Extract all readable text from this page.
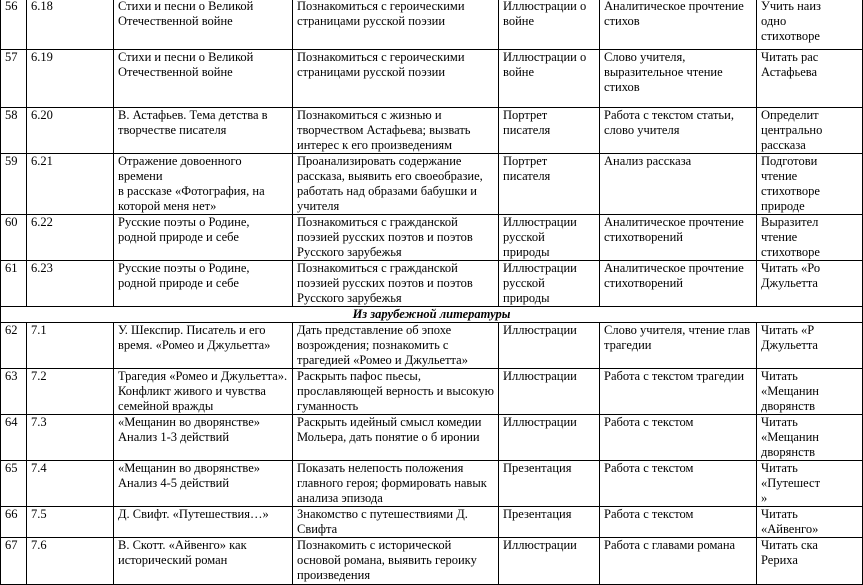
56	6.18	Стихи и песни о Великой
Отечественной войне	Познакомиться с героическими
страницами русской поэзии	Иллюстрации о
войне	Аналитическое прочтение
стихов	Учить наиз
одно
стихотворе
57	6.19	Стихи и песни о Великой
Отечественной войне	Познакомиться с героическими
страницами русской поэзии	Иллюстрации о
войне	Слово учителя,
выразительное чтение
стихов	Читать рас
Астафьева
58	6.20	В. Астафьев. Тема детства в
творчестве писателя	Познакомиться с жизнью и
творчеством Астафьева; вызвать
интерес к его произведениям	Портрет
писателя	Работа с текстом статьи,
слово учителя	Определит
центрально
рассказа
59	6.21	Отражение довоенного времени
в рассказе «Фотография, на
которой меня нет»	Проанализировать содержание
рассказа, выявить его своеобразие,
работать над образами бабушки и
учителя	Портрет
писателя	Анализ рассказа	Подготови
чтение
стихотворе
природе
60	6.22	Русские поэты о Родине,
родной природе и себе	Познакомиться с гражданской
поэзией русских поэтов и поэтов
Русского зарубежья	Иллюстрации
русской
природы	Аналитическое прочтение
стихотворений	Выразител
чтение
стихотворе
61	6.23	Русские поэты о Родине,
родной природе и себе	Познакомиться с гражданской
поэзией русских поэтов и поэтов
Русского зарубежья	Иллюстрации
русской
природы	Аналитическое прочтение
стихотворений	Читать «Ро
Джульетта
Из зарубежной литературы						
62	7.1	У. Шекспир. Писатель и его
время. «Ромео и Джульетта»	Дать представление об эпохе
возрождения; познакомить с
трагедией «Ромео и Джульетта»	Иллюстрации	Слово учителя, чтение глав
трагедии	Читать «Р
Джульетта
63	7.2	Трагедия «Ромео и Джульетта».
Конфликт живого и чувства
семейной вражды	Раскрыть пафос пьесы,
прославляющей верность и высокую
гуманность	Иллюстрации	Работа с текстом трагедии	Читать
«Мещанин
дворянств
64	7.3	«Мещанин во дворянстве»
Анализ 1-3 действий	Раскрыть идейный смысл комедии
Мольера, дать понятие о б иронии	Иллюстрации	Работа с текстом	Читать
«Мещанин
дворянств
65	7.4	«Мещанин во дворянстве»
Анализ 4-5 действий	Показать нелепость положения
главного героя; формировать навык
анализа эпизода	Презентация	Работа с текстом	Читать
«Путешест
»
66	7.5	Д. Свифт. «Путешествия…»	Знакомство с путешествиями Д.
Свифта	Презентация	Работа с текстом	Читать
«Айвенго»
67	7.6	В. Скотт. «Айвенго» как
исторический роман	Познакомить с исторической
основой романа, выявить героику
произведения	Иллюстрации	Работа с главами романа	Читать ска
Рериха
